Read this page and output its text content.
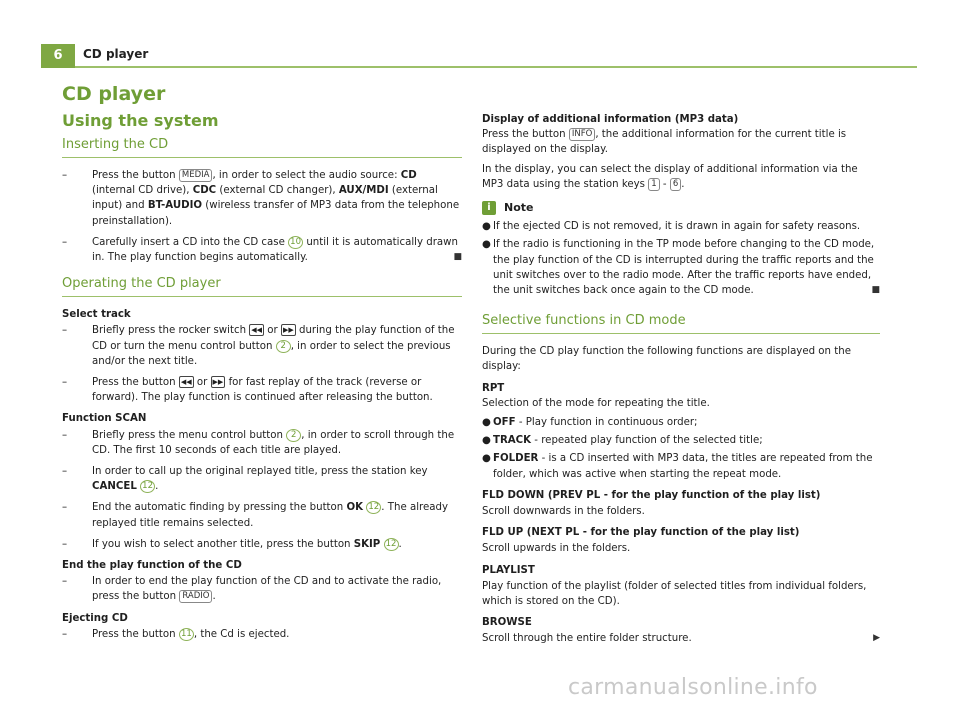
6	CD player
CD player
Using the system
Inserting the CD
–	Press the button MEDIA , in order to select the audio source: CD (internal CD drive), CDC (external CD changer), AUX/MDI (external input) and BT-AUDIO (wireless transfer of MP3 data from the telephone preinstallation).
–	Carefully insert a CD into the CD case 10 until it is automatically drawn in. The play function begins automatically.	■
Operating the CD player
Select track
–	Briefly press the rocker switch ◀◀ or ▶▶ during the play function of the CD or turn the menu control button 2 , in order to select the previous and/or the next title.
–	Press the button ◀◀ or ▶▶ for fast replay of the track (reverse or forward). The play function is continued after releasing the button.
Function SCAN
–	Briefly press the menu control button 2 , in order to scroll through the CD. The first 10 seconds of each title are played.
–	In order to call up the original replayed title, press the station key CANCEL 12 .
–	End the automatic finding by pressing the button OK 12 . The already replayed title remains selected.
–	If you wish to select another title, press the button SKIP 12 .
End the play function of the CD
–	In order to end the play function of the CD and to activate the radio, press the button RADIO .
Ejecting CD
–	Press the button 11 , the Cd is ejected.
Display of additional information (MP3 data)
Press the button INFO , the additional information for the current title is displayed on the display.
In the display, you can select the display of additional information via the MP3 data using the station keys 1 - 6 .
i	Note
● If the ejected CD is not removed, it is drawn in again for safety reasons.
● If the radio is functioning in the TP mode before changing to the CD mode, the play function of the CD is interrupted during the traffic reports and the unit switches over to the radio mode. After the traffic reports have ended, the unit switches back once again to the CD mode.	■
Selective functions in CD mode
During the CD play function the following functions are displayed on the display:
RPT
Selection of the mode for repeating the title.
● OFF - Play function in continuous order;
● TRACK - repeated play function of the selected title;
● FOLDER - is a CD inserted with MP3 data, the titles are repeated from the folder, which was active when starting the repeat mode.
FLD DOWN (PREV PL - for the play function of the play list)
Scroll downwards in the folders.
FLD UP (NEXT PL - for the play function of the play list)
Scroll upwards in the folders.
PLAYLIST
Play function of the playlist (folder of selected titles from individual folders, which is stored on the CD).
BROWSE
Scroll through the entire folder structure.	▶
carmanualsonline.info
